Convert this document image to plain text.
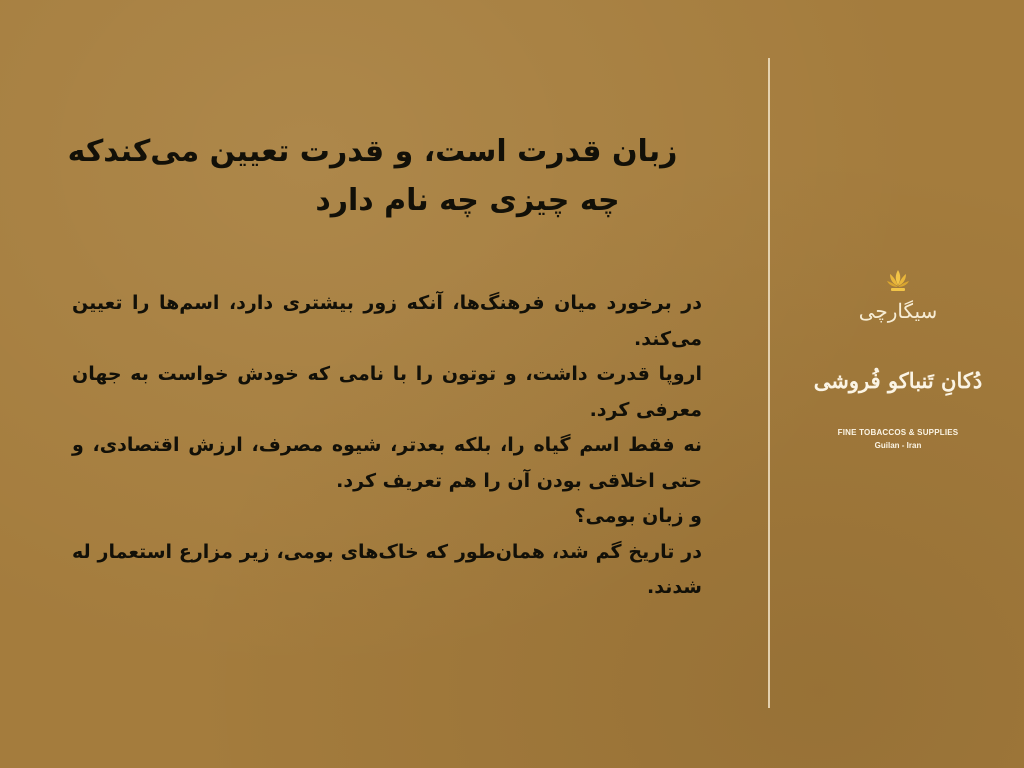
زبان قدرت است، و قدرت تعیین می‌کندکه
چه چیزی چه نام دارد

در برخورد میان فرهنگ‌ها، آنکه زور بیشتری دارد، اسم‌ها را تعیین می‌کند.

اروپا قدرت داشت، و توتون را با نامی که خودش خواست به جهان معرفی کرد.

نه فقط اسم گیاه را، بلکه بعدتر، شیوه مصرف، ارزش اقتصادی، و حتی اخلاقی بودن آن را هم تعریف کرد.

و زبان بومی؟

در تاریخ گم شد، همان‌طور که خاک‌های بومی، زیر مزارع استعمار له شدند.

سیگارچی
دُکانِ تَنباکو فُروشی
FINE TOBACCOS & SUPPLIES
Guilan - Iran
